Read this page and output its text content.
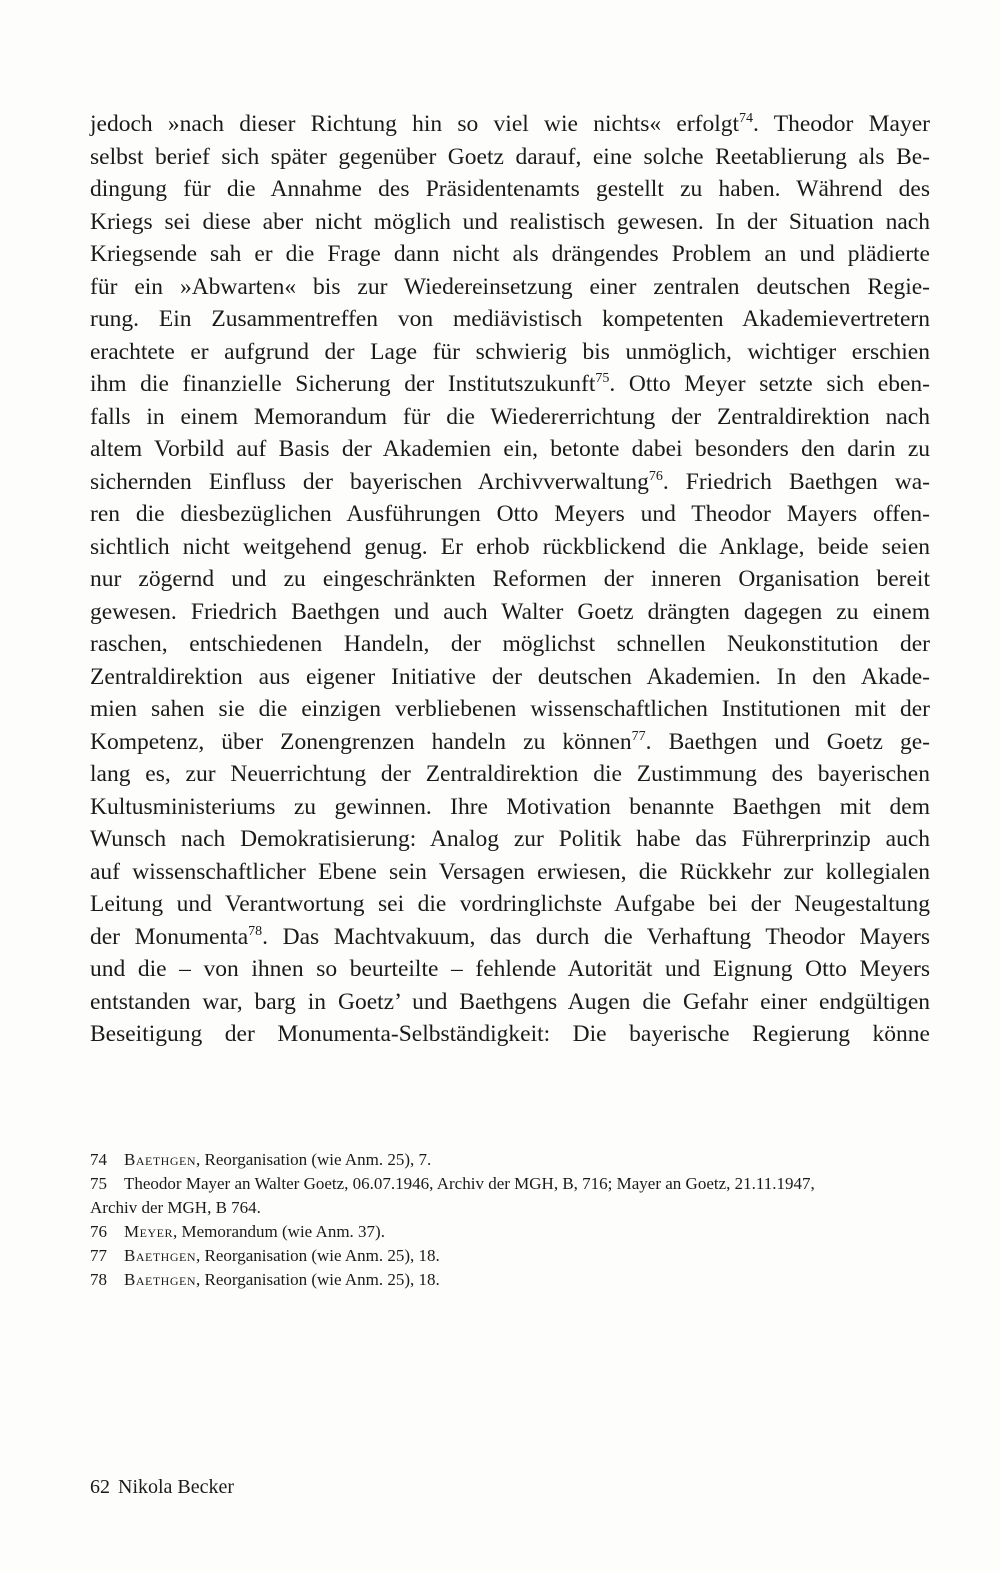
jedoch »nach dieser Richtung hin so viel wie nichts« erfolgt$^{74}$. Theodor Mayer

selbst berief sich später gegenüber Goetz darauf, eine solche Reetablierung als Be-

dingung für die Annahme des Präsidentenamts gestellt zu haben. Während des

Kriegs sei diese aber nicht möglich und realistisch gewesen. In der Situation nach

Kriegsende sah er die Frage dann nicht als drängendes Problem an und plädierte

für ein »Abwarten« bis zur Wiedereinsetzung einer zentralen deutschen Regie-

rung. Ein Zusammentreffen von mediävistisch kompetenten Akademievertretern

erachtete er aufgrund der Lage für schwierig bis unmöglich, wichtiger erschien

ihm die finanzielle Sicherung der Institutszukunft$^{75}$. Otto Meyer setzte sich eben-

falls in einem Memorandum für die Wiedererrichtung der Zentraldirektion nach

altem Vorbild auf Basis der Akademien ein, betonte dabei besonders den darin zu

sichernden Einfluss der bayerischen Archivverwaltung$^{76}$. Friedrich Baethgen wa-

ren die diesbezüglichen Ausführungen Otto Meyers und Theodor Mayers offen-

sichtlich nicht weitgehend genug. Er erhob rückblickend die Anklage, beide seien

nur zögernd und zu eingeschränkten Reformen der inneren Organisation bereit

gewesen. Friedrich Baethgen und auch Walter Goetz drängten dagegen zu einem

raschen, entschiedenen Handeln, der möglichst schnellen Neukonstitution der

Zentraldirektion aus eigener Initiative der deutschen Akademien. In den Akade-

mien sahen sie die einzigen verbliebenen wissenschaftlichen Institutionen mit der

Kompetenz, über Zonengrenzen handeln zu können$^{77}$. Baethgen und Goetz ge-

lang es, zur Neuerrichtung der Zentraldirektion die Zustimmung des bayerischen

Kultusministeriums zu gewinnen. Ihre Motivation benannte Baethgen mit dem

Wunsch nach Demokratisierung: Analog zur Politik habe das Führerprinzip auch

auf wissenschaftlicher Ebene sein Versagen erwiesen, die Rückkehr zur kollegialen

Leitung und Verantwortung sei die vordringlichste Aufgabe bei der Neugestaltung

der Monumenta$^{78}$. Das Machtvakuum, das durch die Verhaftung Theodor Mayers

und die – von ihnen so beurteilte – fehlende Autorität und Eignung Otto Meyers

entstanden war, barg in Goetz’ und Baethgens Augen die Gefahr einer endgültigen

Beseitigung der Monumenta-Selbständigkeit: Die bayerische Regierung könne

74 Baethgen, Reorganisation (wie Anm. 25), 7.

75 Theodor Mayer an Walter Goetz, 06.07.1946, Archiv der MGH, B, 716; Mayer an Goetz, 21.11.1947,

Archiv der MGH, B 764.

76 Meyer, Memorandum (wie Anm. 37).

77 Baethgen, Reorganisation (wie Anm. 25), 18.

78 Baethgen, Reorganisation (wie Anm. 25), 18.

62 Nikola Becker
